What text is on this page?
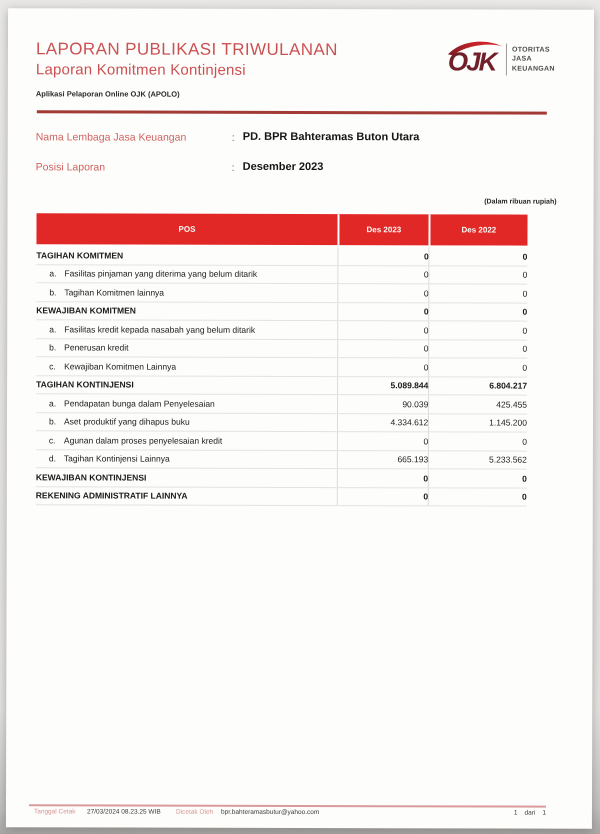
LAPORAN PUBLIKASI TRIWULANAN
Laporan Komitmen Kontinjensi
Aplikasi Pelaporan Online OJK (APOLO)
OJK OTORITAS
JASA
KEUANGAN
Nama Lembaga Jasa Keuangan	: PD. BPR Bahteramas Buton Utara
Posisi Laporan	: Desember 2023
(Dalam ribuan rupiah)
POS	Des 2023	Des 2022

TAGIHAN KOMITMEN	0	0

a. Fasilitas pinjaman yang diterima yang belum ditarik	0	0

b. Tagihan Komitmen lainnya	0	0

KEWAJIBAN KOMITMEN	0	0

a. Fasilitas kredit kepada nasabah yang belum ditarik	0	0

b. Penerusan kredit	0	0

c. Kewajiban Komitmen Lainnya	0	0

TAGIHAN KONTINJENSI	5.089.844	6.804.217

a. Pendapatan bunga dalam Penyelesaian	90.039	425.455

b. Aset produktif yang dihapus buku	4.334.612	1.145.200

c. Agunan dalam proses penyelesaian kredit	0	0

d. Tagihan Kontinjensi Lainnya	665.193	5.233.562

KEWAJIBAN KONTINJENSI	0	0

REKENING ADMINISTRATIF LAINNYA	0	0
Tanggal Cetak 27/03/2024 08.23.25 WIB Dicetak Oleh bpr.bahteramasbutur@yahoo.com	1 dari 1
